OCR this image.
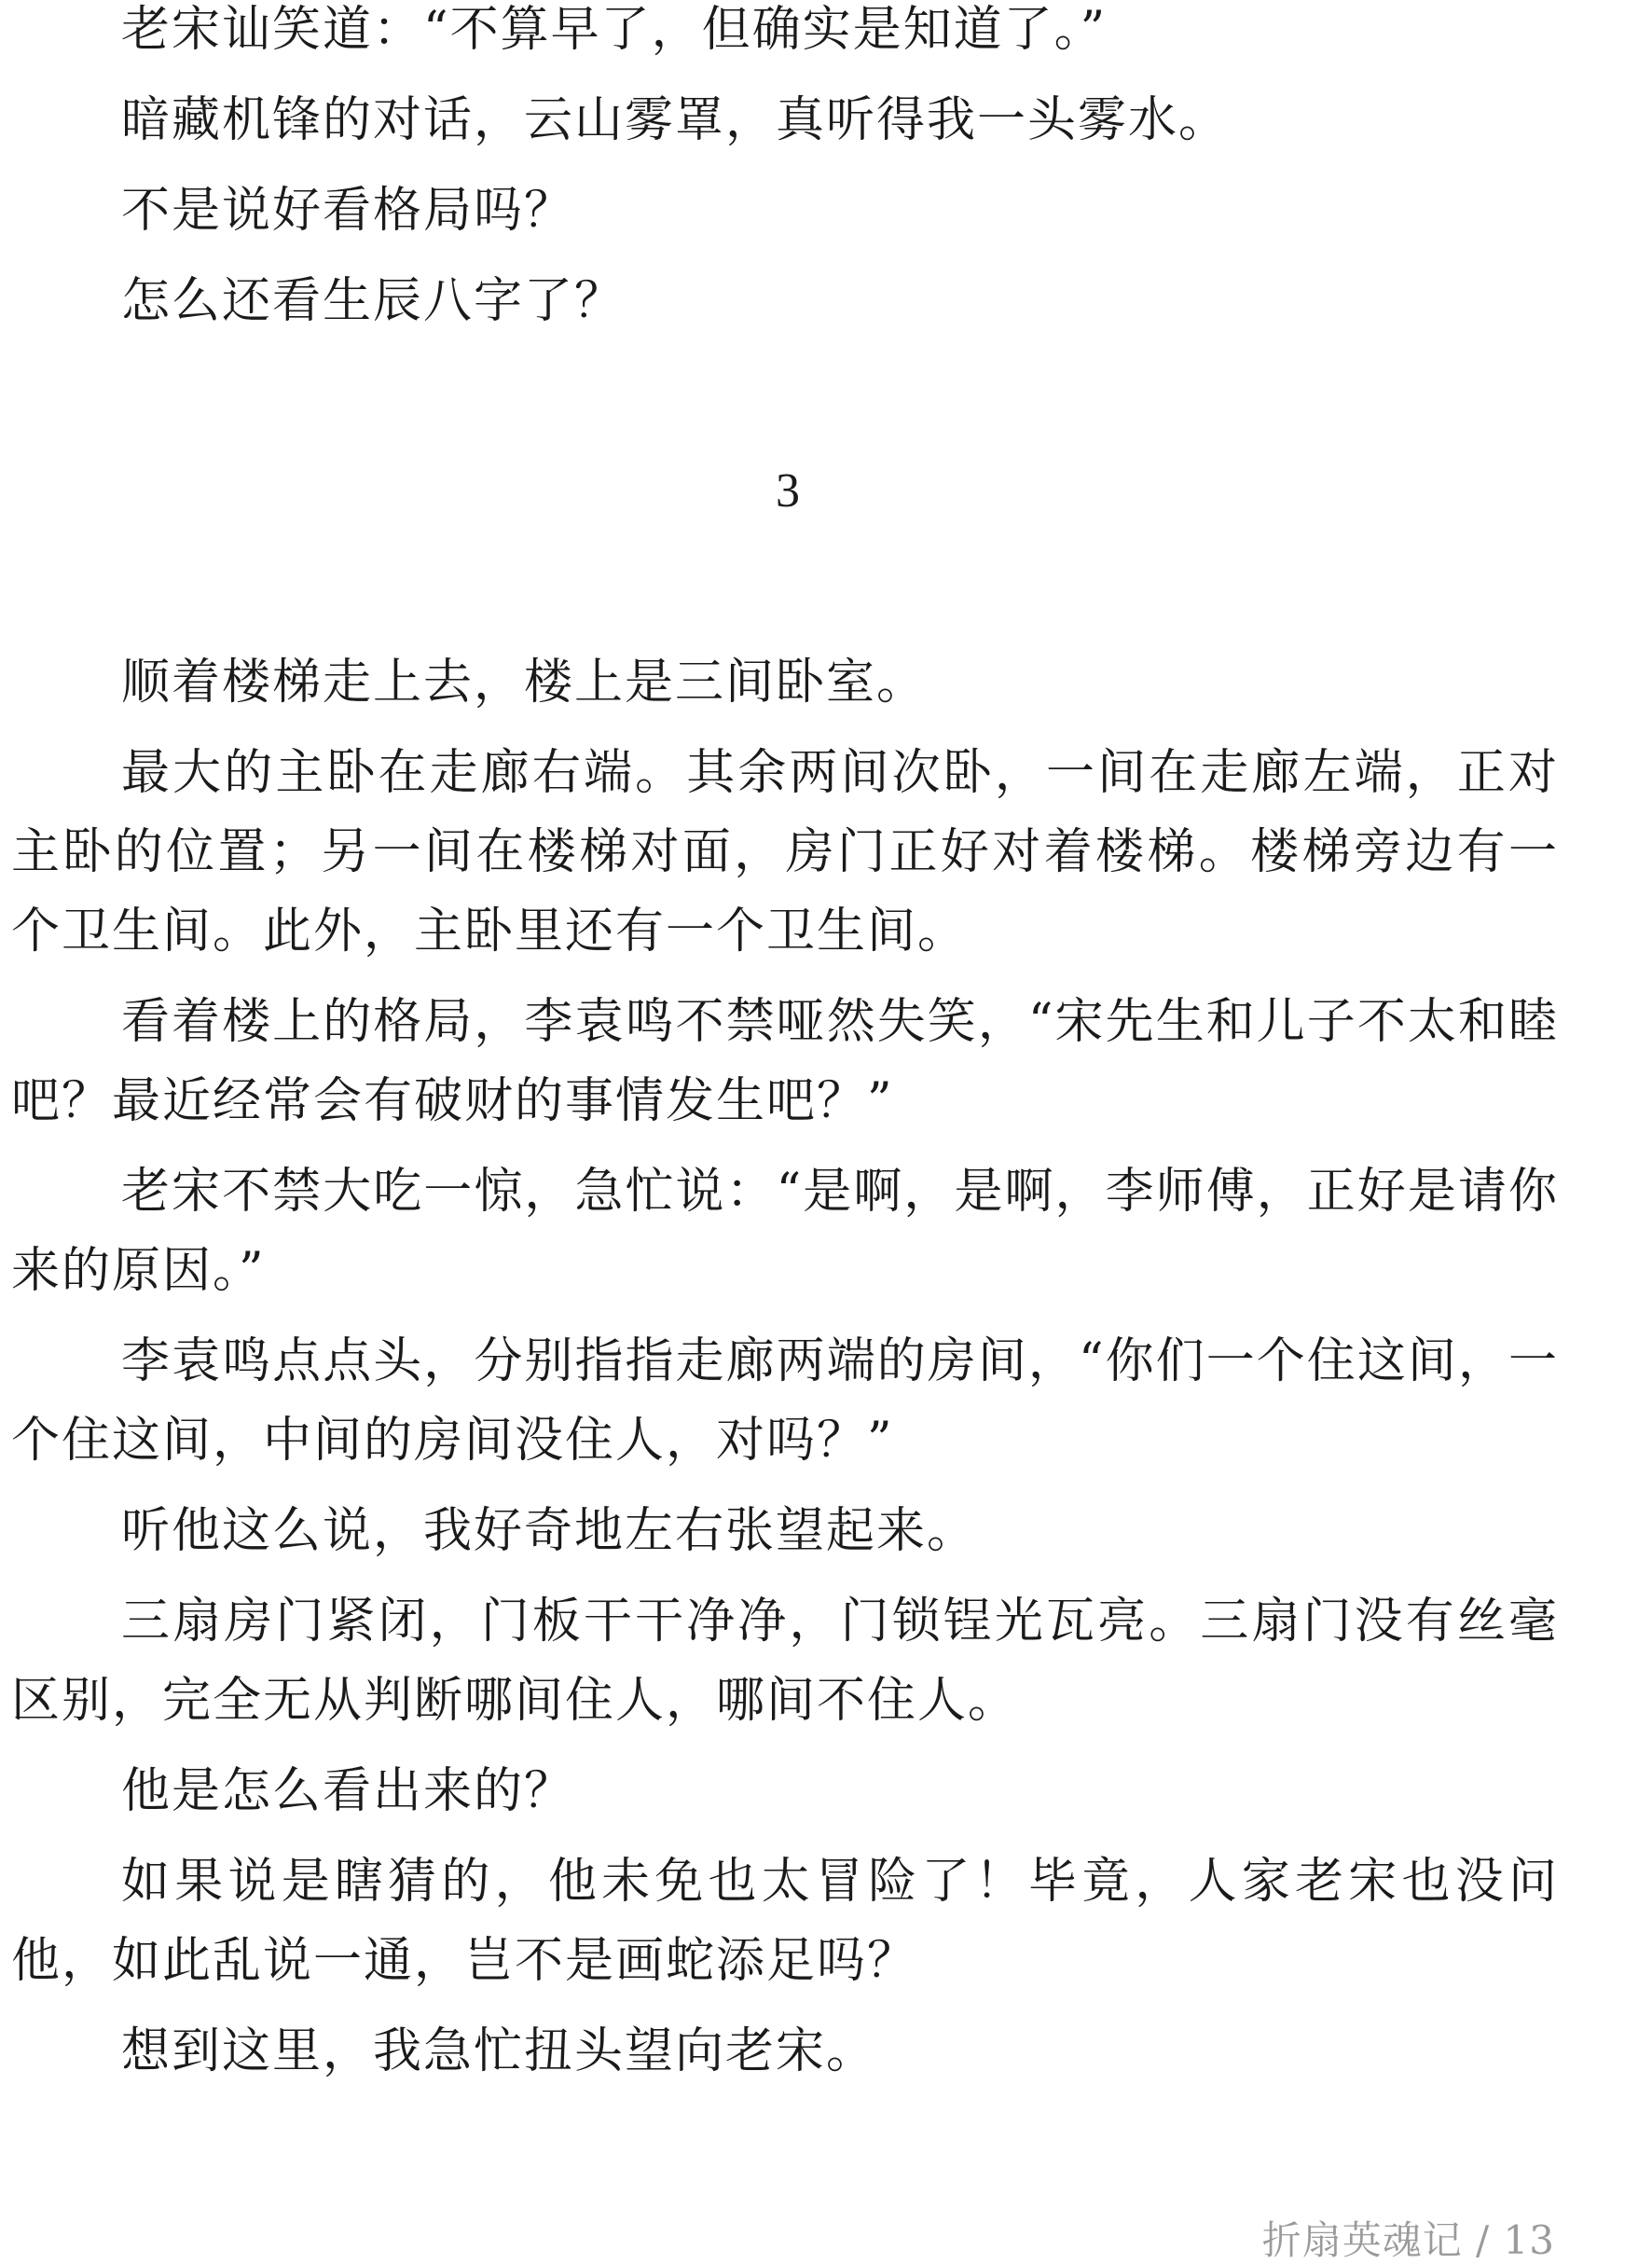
老宋讪笑道：“不算早了，但确实是知道了。”

暗藏机锋的对话，云山雾罩，真听得我一头雾水。

不是说好看格局吗？

怎么还看生辰八字了？

3

顺着楼梯走上去，楼上是三间卧室。

最大的主卧在走廊右端。其余两间次卧，一间在走廊左端，正对主卧的位置；另一间在楼梯对面，房门正好对着楼梯。楼梯旁边有一个卫生间。此外，主卧里还有一个卫生间。

看着楼上的格局，李袁鸣不禁哑然失笑，“宋先生和儿子不太和睦吧？最近经常会有破财的事情发生吧？”

老宋不禁大吃一惊，急忙说：“是啊，是啊，李师傅，正好是请你来的原因。”

李袁鸣点点头，分别指指走廊两端的房间，“你们一个住这间，一个住这间，中间的房间没住人，对吗？”

听他这么说，我好奇地左右张望起来。

三扇房门紧闭，门板干干净净，门锁锃光瓦亮。三扇门没有丝毫区别，完全无从判断哪间住人，哪间不住人。

他是怎么看出来的？

如果说是瞎猜的，他未免也太冒险了！毕竟，人家老宋也没问他，如此乱说一通，岂不是画蛇添足吗？

想到这里，我急忙扭头望向老宋。

折扇英魂记 / 13
